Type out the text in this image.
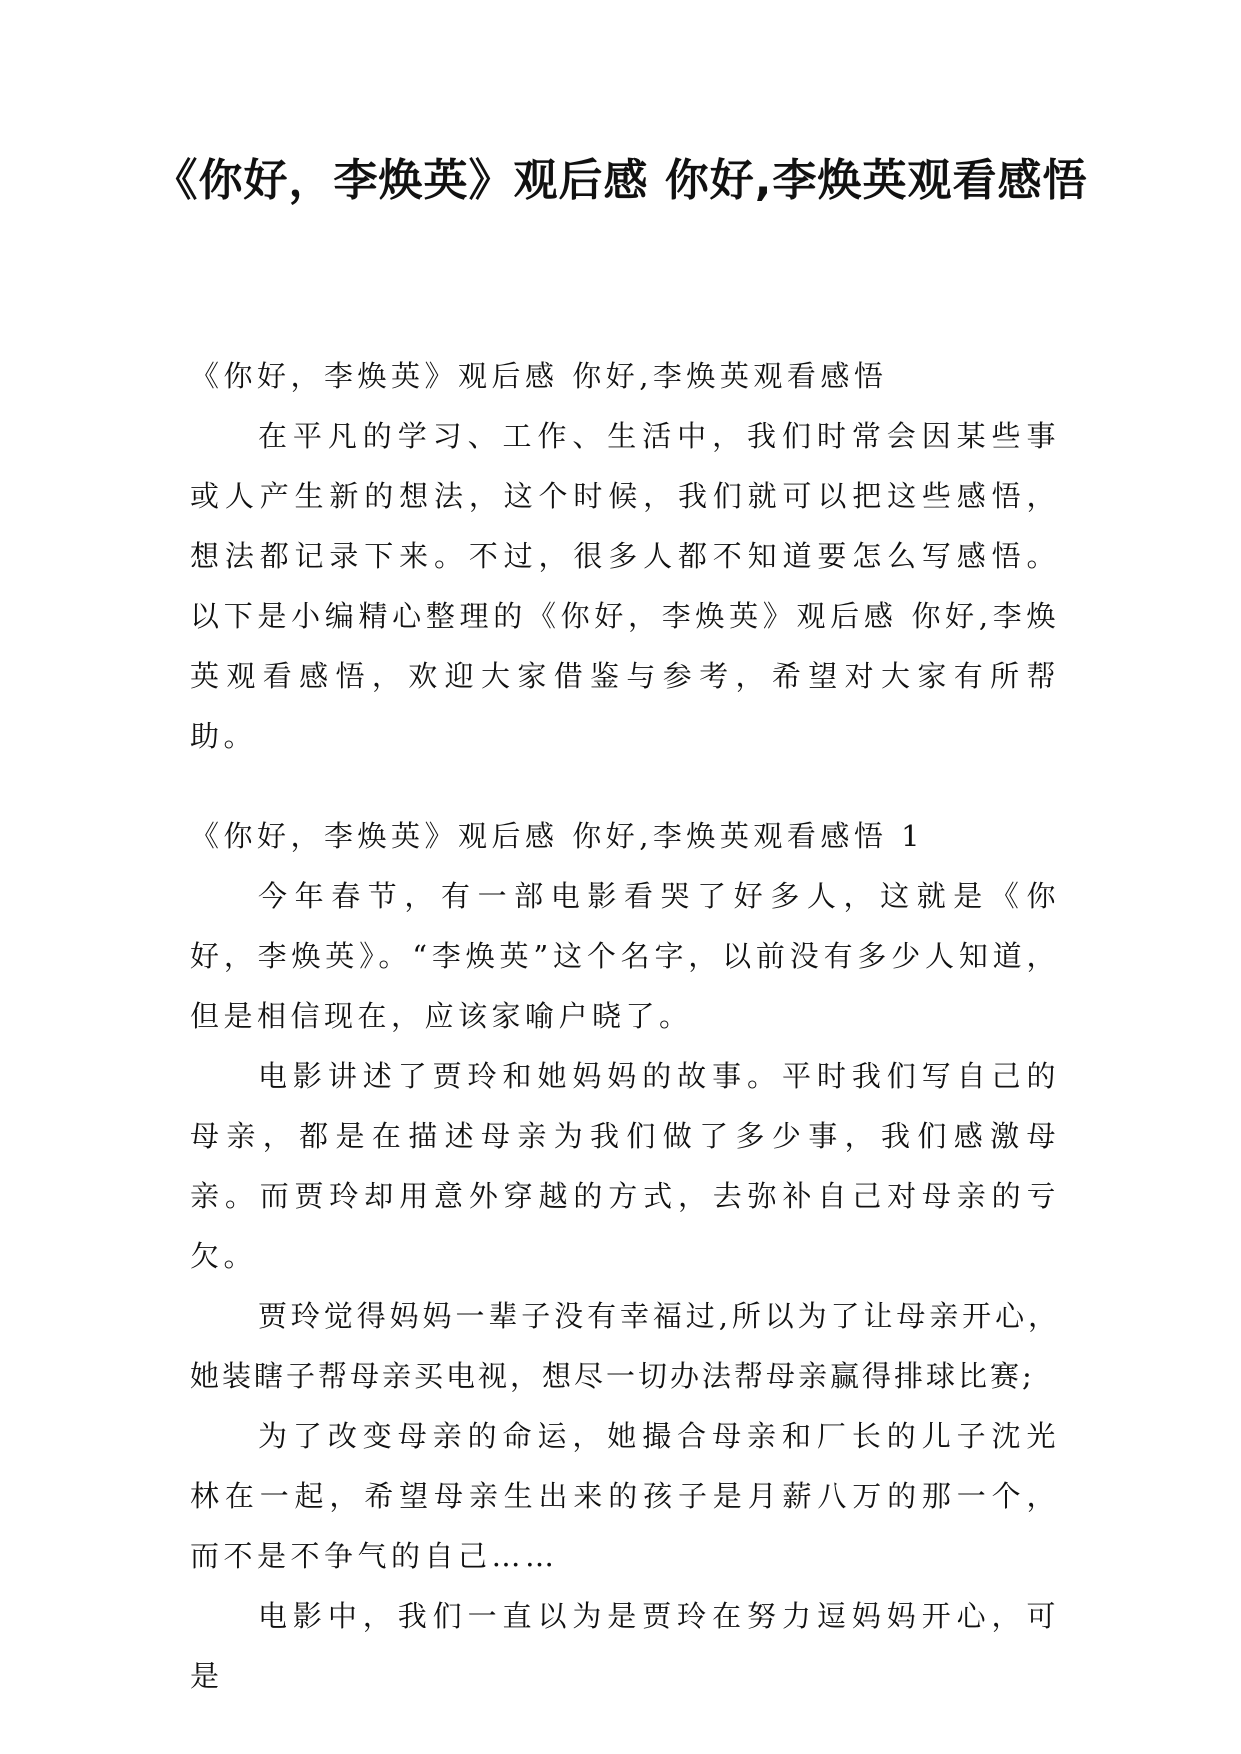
《你好，李焕英》观后感 你好,李焕英观看感悟

《你好，李焕英》观后感 你好,李焕英观看感悟

在平凡的学习、工作、生活中，我们时常会因某些事或人产生新的想法，这个时候，我们就可以把这些感悟，想法都记录下来。不过，很多人都不知道要怎么写感悟。以下是小编精心整理的《你好，李焕英》观后感 你好,李焕英观看感悟，欢迎大家借鉴与参考，希望对大家有所帮助。

《你好，李焕英》观后感 你好,李焕英观看感悟 1

今年春节，有一部电影看哭了好多人，这就是《你好，李焕英》。“李焕英”这个名字，以前没有多少人知道，但是相信现在，应该家喻户晓了。

电影讲述了贾玲和她妈妈的故事。平时我们写自己的母亲，都是在描述母亲为我们做了多少事，我们感激母亲。而贾玲却用意外穿越的方式，去弥补自己对母亲的亏欠。

贾玲觉得妈妈一辈子没有幸福过,所以为了让母亲开心，她装瞎子帮母亲买电视，想尽一切办法帮母亲赢得排球比赛;

为了改变母亲的命运，她撮合母亲和厂长的儿子沈光林在一起，希望母亲生出来的孩子是月薪八万的那一个，而不是不争气的自己……

电影中，我们一直以为是贾玲在努力逗妈妈开心，可是
